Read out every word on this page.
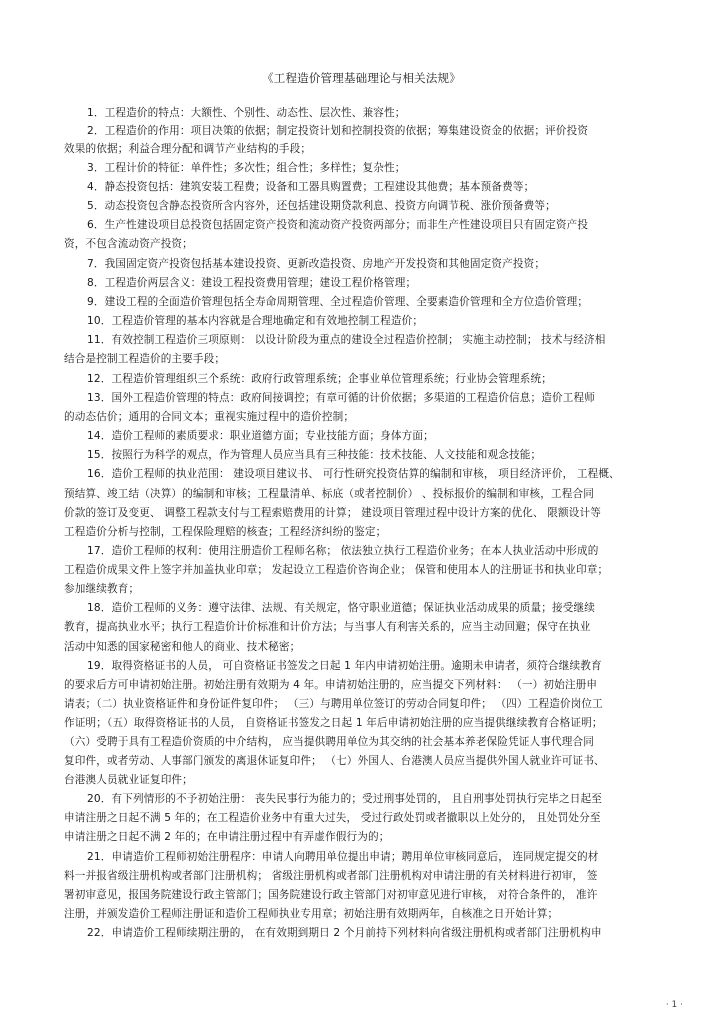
《工程造价管理基础理论与相关法规》
1．工程造价的特点：大额性、个别性、动态性、层次性、兼容性；
2．工程造价的作用：项目决策的依据；制定投资计划和控制投资的依据；筹集建设资金的依据；评价投资
效果的依据；利益合理分配和调节产业结构的手段；
3．工程计价的特征：单件性；多次性；组合性；多样性；复杂性；
4．静态投资包括：建筑安装工程费；设备和工器具购置费；工程建设其他费；基本预备费等；
5．动态投资包含静态投资所含内容外，还包括建设期贷款利息、投资方向调节税、涨价预备费等；
6．生产性建设项目总投资包括固定资产投资和流动资产投资两部分；而非生产性建设项目只有固定资产投
资，不包含流动资产投资；
7．我国固定资产投资包括基本建设投资、更新改造投资、房地产开发投资和其他固定资产投资；
8．工程造价两层含义：建设工程投资费用管理；建设工程价格管理；
9．建设工程的全面造价管理包括全寿命周期管理、全过程造价管理、全要素造价管理和全方位造价管理；
10．工程造价管理的基本内容就是合理地确定和有效地控制工程造价；
11．有效控制工程造价三项原则： 以设计阶段为重点的建设全过程造价控制； 实施主动控制； 技术与经济相
结合是控制工程造价的主要手段；
12．工程造价管理组织三个系统：政府行政管理系统；企事业单位管理系统；行业协会管理系统；
13．国外工程造价管理的特点：政府间接调控；有章可循的计价依据；多渠道的工程造价信息；造价工程师
的动态估价；通用的合同文本；重视实施过程中的造价控制；
14．造价工程师的素质要求：职业道德方面；专业技能方面；身体方面；
15．按照行为科学的观点，作为管理人员应当具有三种技能：技术技能、人文技能和观念技能；
16．造价工程师的执业范围： 建设项目建议书、 可行性研究投资估算的编制和审核， 项目经济评价， 工程概、
预结算、竣工结（决算）的编制和审核；工程量清单、标底（或者控制价） 、投标报价的编制和审核，工程合同
价款的签订及变更、 调整工程款支付与工程索赔费用的计算； 建设项目管理过程中设计方案的优化、 限额设计等
工程造价分析与控制，工程保险理赔的核查；工程经济纠纷的鉴定；
17．造价工程师的权利：使用注册造价工程师名称； 依法独立执行工程造价业务；在本人执业活动中形成的
工程造价成果文件上签字并加盖执业印章； 发起设立工程造价咨询企业； 保管和使用本人的注册证书和执业印章；
参加继续教育；
18．造价工程师的义务：遵守法律、法规、有关规定，恪守职业道德；保证执业活动成果的质量；接受继续
教育，提高执业水平；执行工程造价计价标准和计价方法；与当事人有利害关系的，应当主动回避；保守在执业
活动中知悉的国家秘密和他人的商业、技术秘密；
19．取得资格证书的人员， 可自资格证书签发之日起 1 年内申请初始注册。逾期未申请者，须符合继续教育
的要求后方可申请初始注册。初始注册有效期为 4 年。申请初始注册的，应当提交下列材料： （一）初始注册申
请表；（二）执业资格证件和身份证件复印件； （三）与聘用单位签订的劳动合同复印件； （四）工程造价岗位工
作证明；（五）取得资格证书的人员， 自资格证书签发之日起 1 年后申请初始注册的应当提供继续教育合格证明；
（六）受聘于具有工程造价资质的中介结构， 应当提供聘用单位为其交纳的社会基本养老保险凭证人事代理合同
复印件，或者劳动、人事部门颁发的离退休证复印件； （七）外国人、台港澳人员应当提供外国人就业许可证书、
台港澳人员就业证复印件；
20．有下列情形的不予初始注册： 丧失民事行为能力的；受过刑事处罚的， 且自刑事处罚执行完毕之日起至
申请注册之日起不满 5 年的；在工程造价业务中有重大过失， 受过行政处罚或者撤职以上处分的， 且处罚处分至
申请注册之日起不满 2 年的；在申请注册过程中有弄虚作假行为的；
21．申请造价工程师初始注册程序：申请人向聘用单位提出申请；聘用单位审核同意后， 连同规定提交的材
料一并报省级注册机构或者部门注册机构； 省级注册机构或者部门注册机构对申请注册的有关材料进行初审， 签
署初审意见，报国务院建设行政主管部门；国务院建设行政主管部门对初审意见进行审核， 对符合条件的， 准许
注册，并颁发造价工程师注册证和造价工程师执业专用章；初始注册有效期两年，自核准之日开始计算；
22．申请造价工程师续期注册的， 在有效期到期日 2 个月前持下列材料向省级注册机构或者部门注册机构申
· 1 ·
